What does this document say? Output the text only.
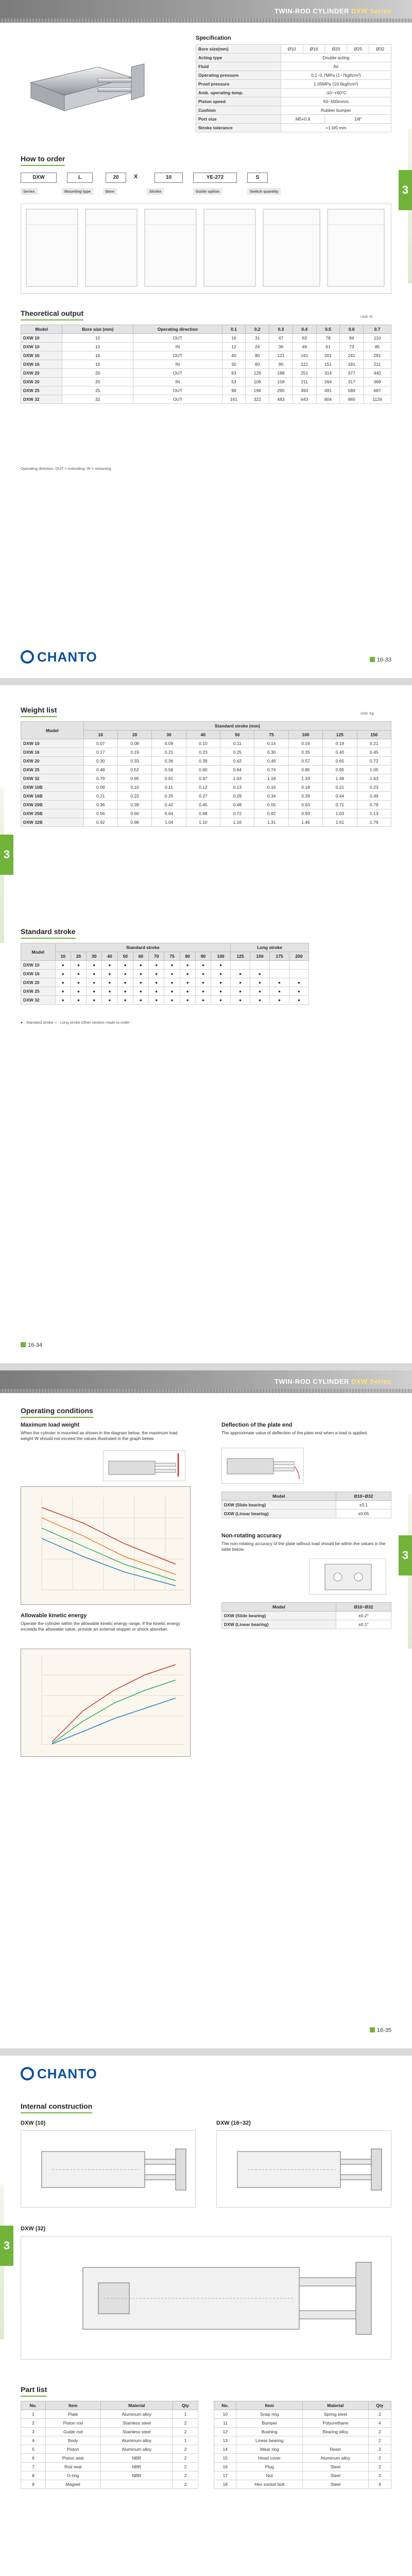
TWIN-ROD CYLINDER DXW Series
3
Specification
Bore size(mm)	Ø10	Ø16	Ø20	Ø25	Ø32
Acting type	Double acting				
Fluid	Air				
Operating pressure	0.1~0.7MPa (1~7kgf/cm²)				
Proof pressure	1.05MPa (10.5kgf/cm²)				
Amb. operating temp.	-10~+60°C				
Piston speed	50~500mm/s				
Cushion	Rubber bumper				
Port size	M5×0.8		1/8"		
Stroke tolerance	+1.0/0 mm				
How to order
DXW	L	20	X	10	YE-272	S
Series	Mounting type	Bore	Stroke	Guide option	Switch quantity
Theoretical output	Unit: N
Model	Bore size (mm)	Operating direction	0.1	0.2	0.3	0.4	0.5	0.6	0.7
DXW 10	10	OUT	16	31	47	63	78	94	110
DXW 10	10	IN	12	24	36	48	61	73	85
DXW 16	16	OUT	40	80	121	161	201	241	281
DXW 16	16	IN	30	60	90	121	151	181	211
DXW 20	20	OUT	63	126	188	251	314	377	440
DXW 20	20	IN	53	106	158	211	264	317	369
DXW 25	25	OUT	98	196	295	393	491	589	687
DXW 32	32	OUT	161	322	483	643	804	965	1126
Operating direction: OUT = extending, IN = retracting
CHANTO	16-33
3
Weight list	Unit: kg
Model	Standard stroke (mm)								
	10	20	30	40	50	75	100	125	150
DXW 10	0.07	0.08	0.09	0.10	0.11	0.14	0.16	0.19	0.21
DXW 16	0.17	0.19	0.21	0.23	0.25	0.30	0.35	0.40	0.45
DXW 20	0.30	0.33	0.36	0.39	0.42	0.49	0.57	0.65	0.72
DXW 25	0.48	0.52	0.56	0.60	0.64	0.74	0.85	0.95	1.05
DXW 32	0.79	0.85	0.91	0.97	1.03	1.18	1.33	1.48	1.63
DXW 10B	0.09	0.10	0.11	0.12	0.13	0.16	0.18	0.21	0.23
DXW 16B	0.21	0.23	0.25	0.27	0.29	0.34	0.39	0.44	0.49
DXW 20B	0.36	0.39	0.42	0.45	0.48	0.55	0.63	0.71	0.78
DXW 25B	0.56	0.60	0.64	0.68	0.72	0.82	0.93	1.03	1.13
DXW 32B	0.92	0.98	1.04	1.10	1.16	1.31	1.46	1.61	1.76
Standard stroke
Model	Standard stroke											Long stroke			
	10	20	30	40	50	60	70	75	80	90	100	125	150	175	200
DXW 10	●	●	●	●	●	●	●	●	●	●	●				
DXW 16	●	●	●	●	●	●	●	●	●	●	●	●	●		
DXW 20	●	●	●	●	●	●	●	●	●	●	●	●	●	●	●
DXW 25	●	●	●	●	●	●	●	●	●	●	●	●	●	●	●
DXW 32	●	●	●	●	●	●	●	●	●	●	●	●	●	●	●
● : Standard stroke ○ : Long stroke Other strokes made to order
16-34
TWIN-ROD CYLINDER DXW Series
3
Operating conditions
Maximum load weight
When the cylinder is mounted as shown in the diagram below, the maximum load weight W should not exceed the values illustrated in the graph below.
Allowable kinetic energy
Operate the cylinder within the allowable kinetic energy range. If the kinetic energy exceeds the allowable value, provide an external stopper or shock absorber.
Deflection of the plate end
The approximate value of deflection of the plate end when a load is applied.
Model	Ø10~Ø32
DXW (Slide bearing)	±0.1
DXW (Linear bearing)	±0.05
Non-rotating accuracy
The non-rotating accuracy of the plate without load should be within the values in the table below.
Model	Ø10~Ø32
DXW (Slide bearing)	±0.2°
DXW (Linear bearing)	±0.1°
16-35
CHANTO
3
Internal construction
DXW (10)	DXW (16~32)
DXW (32)
Part list
No.	Item	Material	Qty
1	Plate	Aluminum alloy	1
2	Piston rod	Stainless steel	2
3	Guide rod	Stainless steel	2
4	Body	Aluminum alloy	1
5	Piston	Aluminum alloy	2
6	Piston seal	NBR	2
7	Rod seal	NBR	2
8	O-ring	NBR	2
9	Magnet		2
No.	Item	Material	Qty
10	Snap ring	Spring steel	2
11	Bumper	Polyurethane	4
12	Bushing	Bearing alloy	2
13	Linear bearing		2
14	Wear ring	Resin	2
15	Head cover	Aluminum alloy	2
16	Plug	Steel	2
17	Nut	Steel	2
18	Hex socket bolt	Steel	4
